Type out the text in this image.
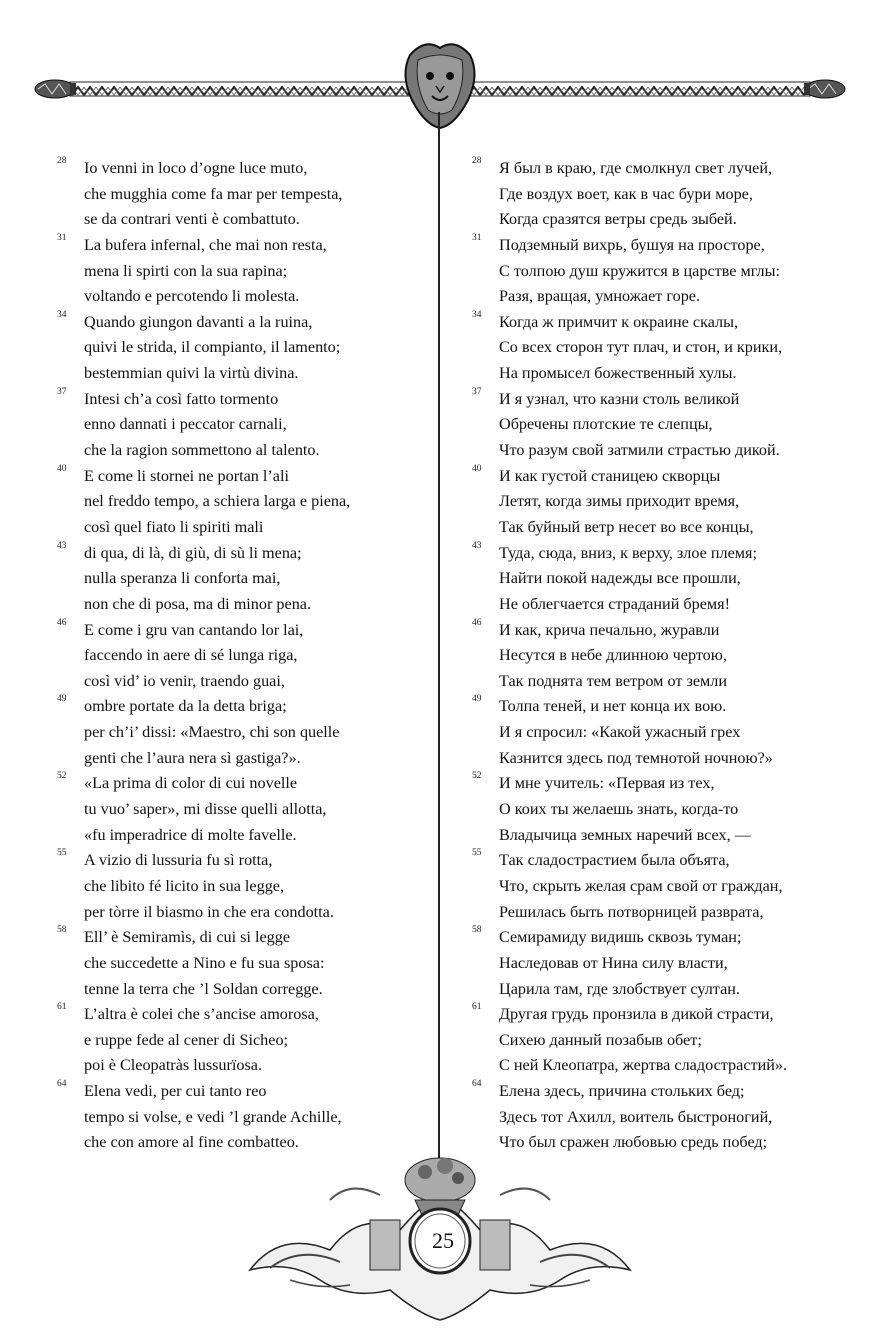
28	Io venni in loco d’ogne luce muto,
che mugghia come fa mar per tempesta,
se da contrari venti è combattuto.
31	La bufera infernal, che mai non resta,
mena li spirti con la sua rapina;
voltando e percotendo li molesta.
34	Quando giungon davanti a la ruina,
quivi le strida, il compianto, il lamento;
bestemmian quivi la virtù divina.
37	Intesi ch’a così fatto tormento
enno dannati i peccator carnali,
che la ragion sommettono al talento.
40	E come li stornei ne portan l’ali
nel freddo tempo, a schiera larga e piena,
così quel fiato li spiriti mali
43	di qua, di là, di giù, di sù li mena;
nulla speranza li conforta mai,
non che di posa, ma di minor pena.
46	E come i gru van cantando lor lai,
faccendo in aere di sé lunga riga,
così vid’ io venir, traendo guai,
49	ombre portate da la detta briga;
per ch’i’ dissi: «Maestro, chi son quelle
genti che l’aura nera sì gastiga?».
52	«La prima di color di cui novelle
tu vuo’ saper», mi disse quelli allotta,
«fu imperadrice di molte favelle.
55	A vizio di lussuria fu sì rotta,
che libito fé licito in sua legge,
per tòrre il biasmo in che era condotta.
58	Ell’ è Semiramìs, di cui si legge
che succedette a Nino e fu sua sposa:
tenne la terra che ’l Soldan corregge.
61	L’altra è colei che s’ancise amorosa,
e ruppe fede al cener di Sicheo;
poi è Cleopatràs lussurïosa.
64	Elena vedi, per cui tanto reo
tempo si volse, e vedi ’l grande Achille,
che con amore al fine combatteo.
28	Я был в краю, где смолкнул свет лучей,
Где воздух воет, как в час бури море,
Когда сразятся ветры средь зыбей.
31	Подземный вихрь, бушуя на просторе,
С толпою душ кружится в царстве мглы:
Разя, вращая, умножает горе.
34	Когда ж примчит к окраине скалы,
Со всех сторон тут плач, и стон, и крики,
На промысел божественный хулы.
37	И я узнал, что казни столь великой
Обречены плотские те слепцы,
Что разум свой затмили страстью дикой.
40	И как густой станицею скворцы
Летят, когда зимы приходит время,
Так буйный ветр несет во все концы,
43	Туда, сюда, вниз, к верху, злое племя;
Найти покой надежды все прошли,
Не облегчается страданий бремя!
46	И как, крича печально, журавли
Несутся в небе длинною чертою,
Так поднята тем ветром от земли
49	Толпа теней, и нет конца их вою.
И я спросил: «Какой ужасный грех
Казнится здесь под темнотой ночною?»
52	И мне учитель: «Первая из тех,
О коих ты желаешь знать, когда-то
Владычица земных наречий всех, —
55	Так сладострастием была объята,
Что, скрыть желая срам свой от граждан,
Решилась быть потворницей разврата,
58	Семирамиду видишь сквозь туман;
Наследовав от Нина силу власти,
Царила там, где злобствует султан.
61	Другая грудь пронзила в дикой страсти,
Сихею данный позабыв обет;
С ней Клеопатра, жертва сладострастий».
64	Елена здесь, причина стольких бед;
Здесь тот Ахилл, воитель быстроногий,
Что был сражен любовью средь побед;
25
